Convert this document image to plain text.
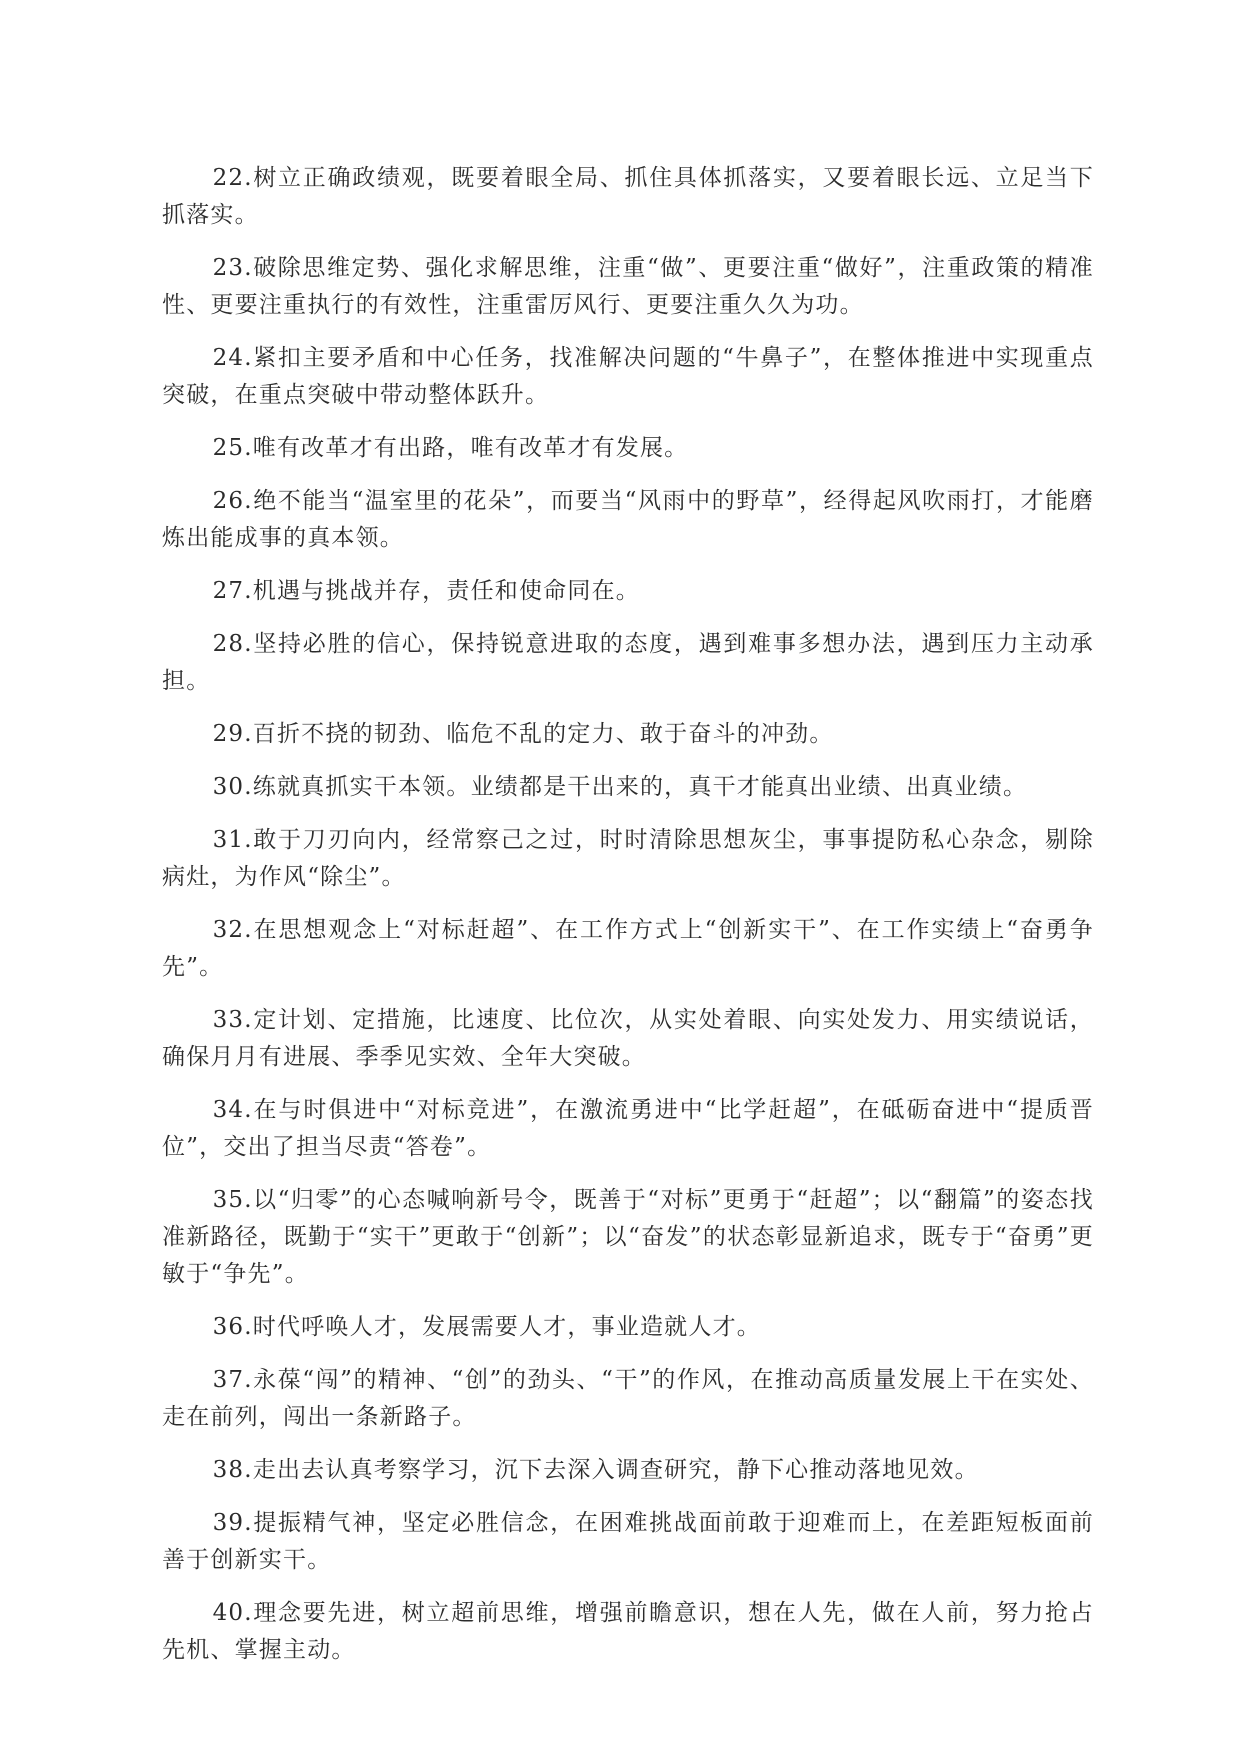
22.树立正确政绩观，既要着眼全局、抓住具体抓落实，又要着眼长远、立足当下抓落实。

23.破除思维定势、强化求解思维，注重“做”、更要注重“做好”，注重政策的精准性、更要注重执行的有效性，注重雷厉风行、更要注重久久为功。

24.紧扣主要矛盾和中心任务，找准解决问题的“牛鼻子”，在整体推进中实现重点突破，在重点突破中带动整体跃升。

25.唯有改革才有出路，唯有改革才有发展。

26.绝不能当“温室里的花朵”，而要当“风雨中的野草”，经得起风吹雨打，才能磨炼出能成事的真本领。

27.机遇与挑战并存，责任和使命同在。

28.坚持必胜的信心，保持锐意进取的态度，遇到难事多想办法，遇到压力主动承担。

29.百折不挠的韧劲、临危不乱的定力、敢于奋斗的冲劲。

30.练就真抓实干本领。业绩都是干出来的，真干才能真出业绩、出真业绩。

31.敢于刀刃向内，经常察己之过，时时清除思想灰尘，事事提防私心杂念，剔除病灶，为作风“除尘”。

32.在思想观念上“对标赶超”、在工作方式上“创新实干”、在工作实绩上“奋勇争先”。

33.定计划、定措施，比速度、比位次，从实处着眼、向实处发力、用实绩说话，确保月月有进展、季季见实效、全年大突破。

34.在与时俱进中“对标竞进”，在激流勇进中“比学赶超”，在砥砺奋进中“提质晋位”，交出了担当尽责“答卷”。

35.以“归零”的心态喊响新号令，既善于“对标”更勇于“赶超”；以“翻篇”的姿态找准新路径，既勤于“实干”更敢于“创新”；以“奋发”的状态彰显新追求，既专于“奋勇”更敏于“争先”。

36.时代呼唤人才，发展需要人才，事业造就人才。

37.永葆“闯”的精神、“创”的劲头、“干”的作风，在推动高质量发展上干在实处、走在前列，闯出一条新路子。

38.走出去认真考察学习，沉下去深入调查研究，静下心推动落地见效。

39.提振精气神，坚定必胜信念，在困难挑战面前敢于迎难而上，在差距短板面前善于创新实干。

40.理念要先进，树立超前思维，增强前瞻意识，想在人先，做在人前，努力抢占先机、掌握主动。
